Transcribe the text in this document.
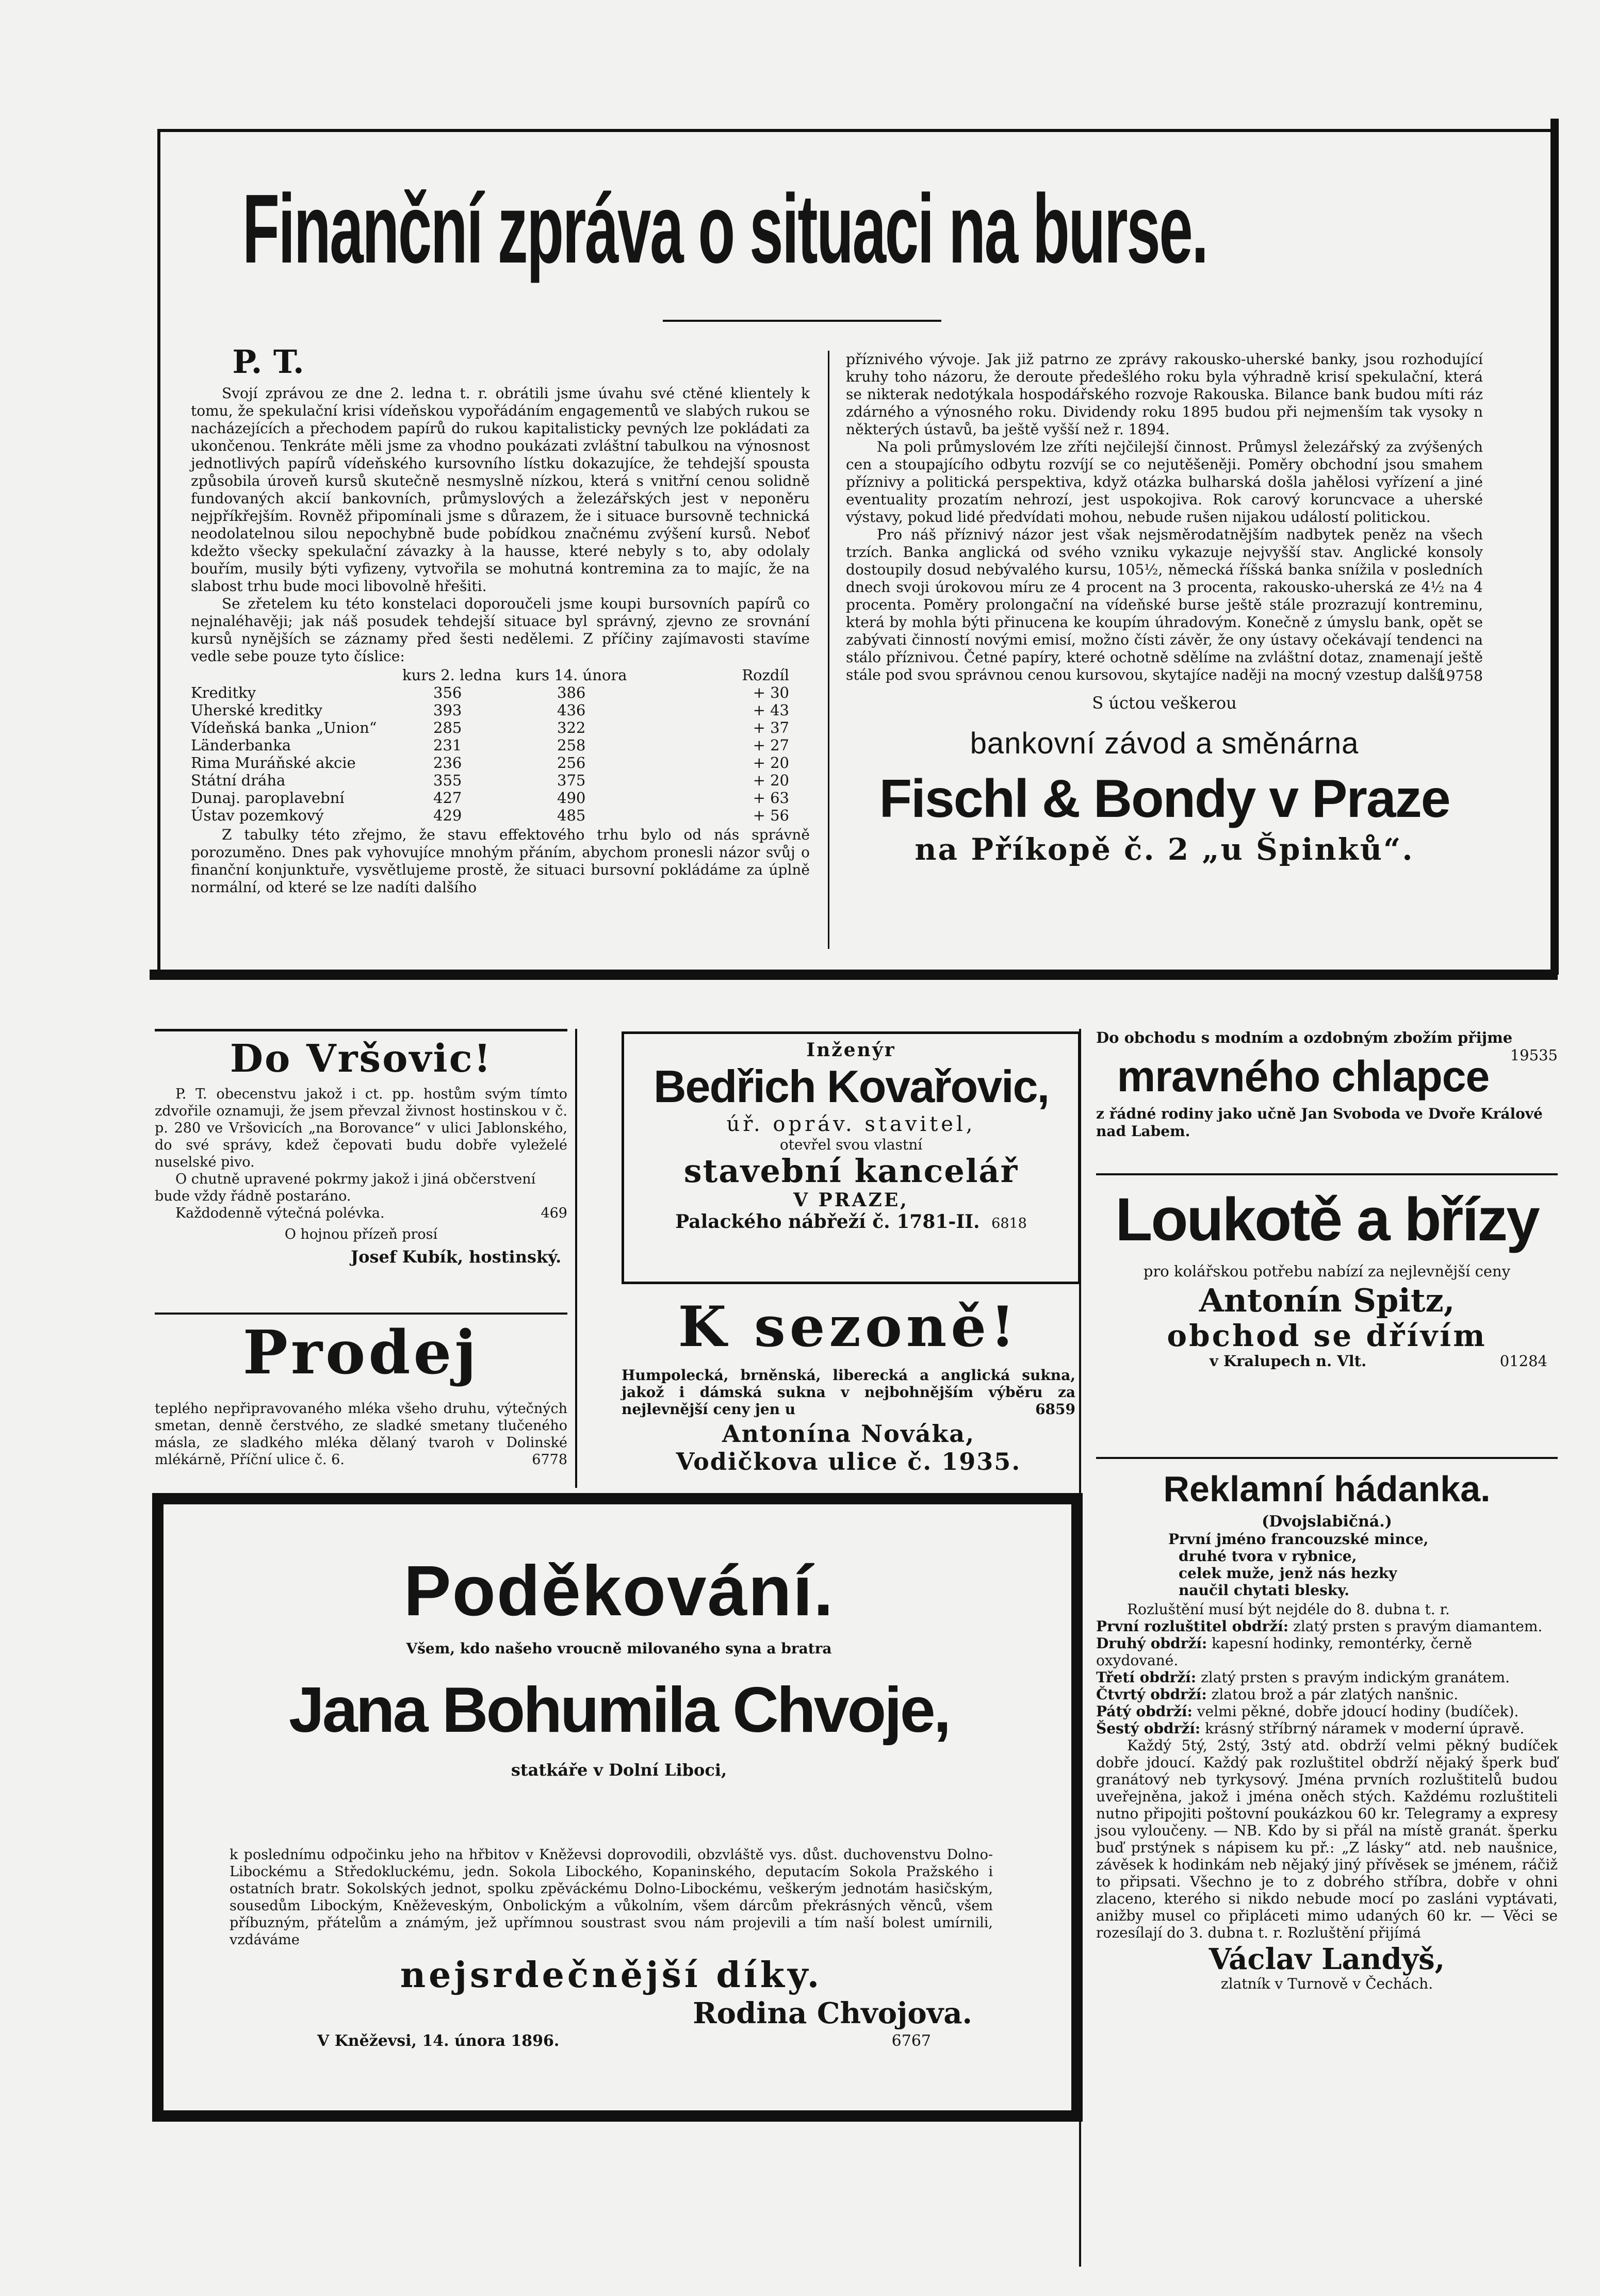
Finanční zpráva o situaci na burse.
P. T.

Svojí zprávou ze dne 2. ledna t. r. obrátili jsme úvahu své ctěné klientely k tomu, že spekulační krisi vídeňskou vypořádáním engagementů ve slabých rukou se nacházejících a přechodem papírů do rukou kapitalisticky pevných lze pokládati za ukončenou. Tenkráte měli jsme za vhodno poukázati zvláštní tabulkou na výnosnost jednotlivých papírů vídeňského kursovního lístku dokazujíce, že tehdejší spousta způsobila úroveň kursů skutečně nesmyslně nízkou, která s vnitřní cenou solidně fundovaných akcií bankovních, průmyslových a železářských jest v neponěru nejpříkřejším. Rovněž připomínali jsme s důrazem, že i situace bursovně technická neodolatelnou silou nepochybně bude pobídkou značnému zvýšení kursů. Neboť kdežto všecky spekulační závazky à la hausse, které nebyly s to, aby odolaly bouřím, musily býti vyfizeny, vytvořila se mohutná kontremina za to majíc, že na slabost trhu bude moci libovolně hřešiti.

Se zřetelem ku této konstelaci doporoučeli jsme koupi bursovních papírů co nejnaléhavěji; jak náš posudek tehdejší situace byl správný, zjevno ze srovnání kursů nynějších se záznamy před šesti nedělemi. Z příčiny zajímavosti stavíme vedle sebe pouze tyto číslice:

	kurs 2. ledna	kurs 14. února	Rozdíl
Kreditky	356	386	+ 30
Uherské kreditky	393	436	+ 43
Vídeňská banka „Union“	285	322	+ 37
Länderbanka	231	258	+ 27
Rima Muráňské akcie	236	256	+ 20
Státní dráha	355	375	+ 20
Dunaj. paroplavební	427	490	+ 63
Ústav pozemkový	429	485	+ 56

Z tabulky této zřejmo, že stavu effektového trhu bylo od nás správně porozuměno. Dnes pak vyhovujíce mnohým přáním, abychom pronesli názor svůj o finanční konjunktuře, vysvětlujeme prostě, že situaci bursovní pokládáme za úplně normální, od které se lze nadíti dalšího

příznivého vývoje. Jak již patrno ze zprávy rakousko-uherské banky, jsou rozhodující kruhy toho názoru, že deroute předešlého roku byla výhradně krisí spekulační, která se nikterak nedotýkala hospodářského rozvoje Rakouska. Bilance bank budou míti ráz zdárného a výnosného roku. Dividendy roku 1895 budou při nejmenším tak vysoky n některých ústavů, ba ještě vyšší než r. 1894.

Na poli průmyslovém lze zříti nejčilejší činnost. Průmysl železářský za zvýšených cen a stoupajícího odbytu rozvíjí se co nejutěšeněji. Poměry obchodní jsou smahem příznivy a politická perspektiva, když otázka bulharská došla jahělosi vyřízení a jiné eventuality prozatím nehrozí, jest uspokojiva. Rok carový koruncvace a uherské výstavy, pokud lidé předvídati mohou, nebude rušen nijakou událostí politickou.

Pro náš příznivý názor jest však nejsměrodatnějším nadbytek peněz na všech trzích. Banka anglická od svého vzniku vykazuje nejvyšší stav. Anglické konsoly dostoupily dosud nebývalého kursu, 105½, německá říšská banka snížila v posledních dnech svoji úrokovou míru ze 4 procent na 3 procenta, rakousko-uherská ze 4½ na 4 procenta. Poměry prolongační na vídeňské burse ještě stále prozrazují kontreminu, která by mohla býti přinucena ke koupím úhradovým. Konečně z úmyslu bank, opět se zabývati činností novými emisí, možno čísti závěr, že ony ústavy očekávají tendenci na stálo příznivou. Četné papíry, které ochotně sdělíme na zvláštní dotaz, znamenají ještě stále pod svou správnou cenou kursovou, skytajíce naději na mocný vzestup další.

19758
S úctou veškerou
bankovní závod a směnárna
Fischl & Bondy v Praze
na Příkopě č. 2 „u Špinků“.
Do Vršovic!

P. T. obecenstvu jakož i ct. pp. hostům svým tímto zdvořile oznamuji, že jsem převzal živnost hostinskou v č. p. 280 ve Vršovicích „na Borovance“ v ulici Jablonského, do své správy, kdež čepovati budu dobře vyleželé nuselské pivo.

O chutně upravené pokrmy jakož i jiná občerstvení bude vždy řádně postaráno.

Každodenně výtečná polévka.	469

O hojnou přízeň prosí

Josef Kubík, hostinský.

Prodej

teplého nepřipravovaného mléka všeho druhu, výtečných smetan, denně čerstvého, ze sladké smetany tlučeného másla, ze sladkého mléka dělaný tvaroh v Dolinské mlékárně, Příční ulice č. 6.	6778

Inženýr
Bedřich Kovařovic,
úř. opráv. stavitel,
otevřel svou vlastní
stavební kancelář
V PRAZE,
Palackého nábřeží č. 1781-II. 6818
K sezoně!

Humpolecká, brněnská, liberecká a anglická sukna, jakož i dámská sukna v nejbohnějším výběru za nejlevnější ceny jen u	6859

Antonína Nováka,
Vodičkova ulice č. 1935.

Do obchodu s modním a ozdobným zbožím přijme
19535

mravného chlapce

z řádné rodiny jako učně Jan Svoboda ve Dvoře Králové nad Labem.

Loukotě a břízy
pro kolářskou potřebu nabízí za nejlevnější ceny
Antonín Spitz,
obchod se dřívím
v Kralupech n. Vlt.	01284
Poděkování.
Všem, kdo našeho vroucně milovaného syna a bratra
Jana Bohumila Chvoje,
statkáře v Dolní Liboci,

k poslednímu odpočinku jeho na hřbitov v Kněževsi doprovodili, obzvláště vys. důst. duchovenstvu Dolno-Libockému a Středokluckému, jedn. Sokola Libockého, Kopaninského, deputacím Sokola Pražského i ostatních bratr. Sokolských jednot, spolku zpěváckému Dolno-Libockému, veškerým jednotám hasičským, sousedům Libockým, Kněževeským, Onbolickým a vůkolním, všem dárcům překrásných věnců, všem příbuzným, přátelům a známým, jež upřímnou soustrast svou nám projevili a tím naší bolest umírnili, vzdáváme

nejsrdečnější díky.
Rodina Chvojova.
V Kněževsi, 14. února 1896.	6767
Reklamní hádanka.
(Dvojslabičná.)
První jméno francouzské mince,
druhé tvora v rybnice,
celek muže, jenž nás hezky
naučil chytati blesky.

Rozluštění musí být nejdéle do 8. dubna t. r.

První rozluštitel obdrží: zlatý prsten s pravým diamantem.

Druhý obdrží: kapesní hodinky, remontérky, černě oxydované.

Třetí obdrží: zlatý prsten s pravým indickým granátem.

Čtvrtý obdrží: zlatou brož a pár zlatých nanšnic.

Pátý obdrží: velmi pěkné, dobře jdoucí hodiny (budíček).

Šestý obdrží: krásný stříbrný náramek v moderní úpravě.

Každý 5tý, 2stý, 3stý atd. obdrží velmi pěkný budíček dobře jdoucí. Každý pak rozluštitel obdrží nějaký šperk buď granátový neb tyrkysový. Jména prvních rozluštitelů budou uveřejněna, jakož i jména oněch stých. Každému rozluštiteli nutno připojiti poštovní poukázkou 60 kr. Telegramy a expresy jsou vyloučeny. — NB. Kdo by si přál na místě granát. šperku buď prstýnek s nápisem ku př.: „Z lásky“ atd. neb naušnice, závěsek k hodinkám neb nějaký jiný přívěsek se jménem, ráčiž to připsati. Všechno je to z dobrého stříbra, dobře v ohni zlaceno, kterého si nikdo nebude mocí po zasláni vyptávati, anižby musel co připláceti mimo udaných 60 kr. — Věci se rozesílají do 3. dubna t. r. Rozluštění přijímá

Václav Landyš,
zlatník v Turnově v Čechách.
